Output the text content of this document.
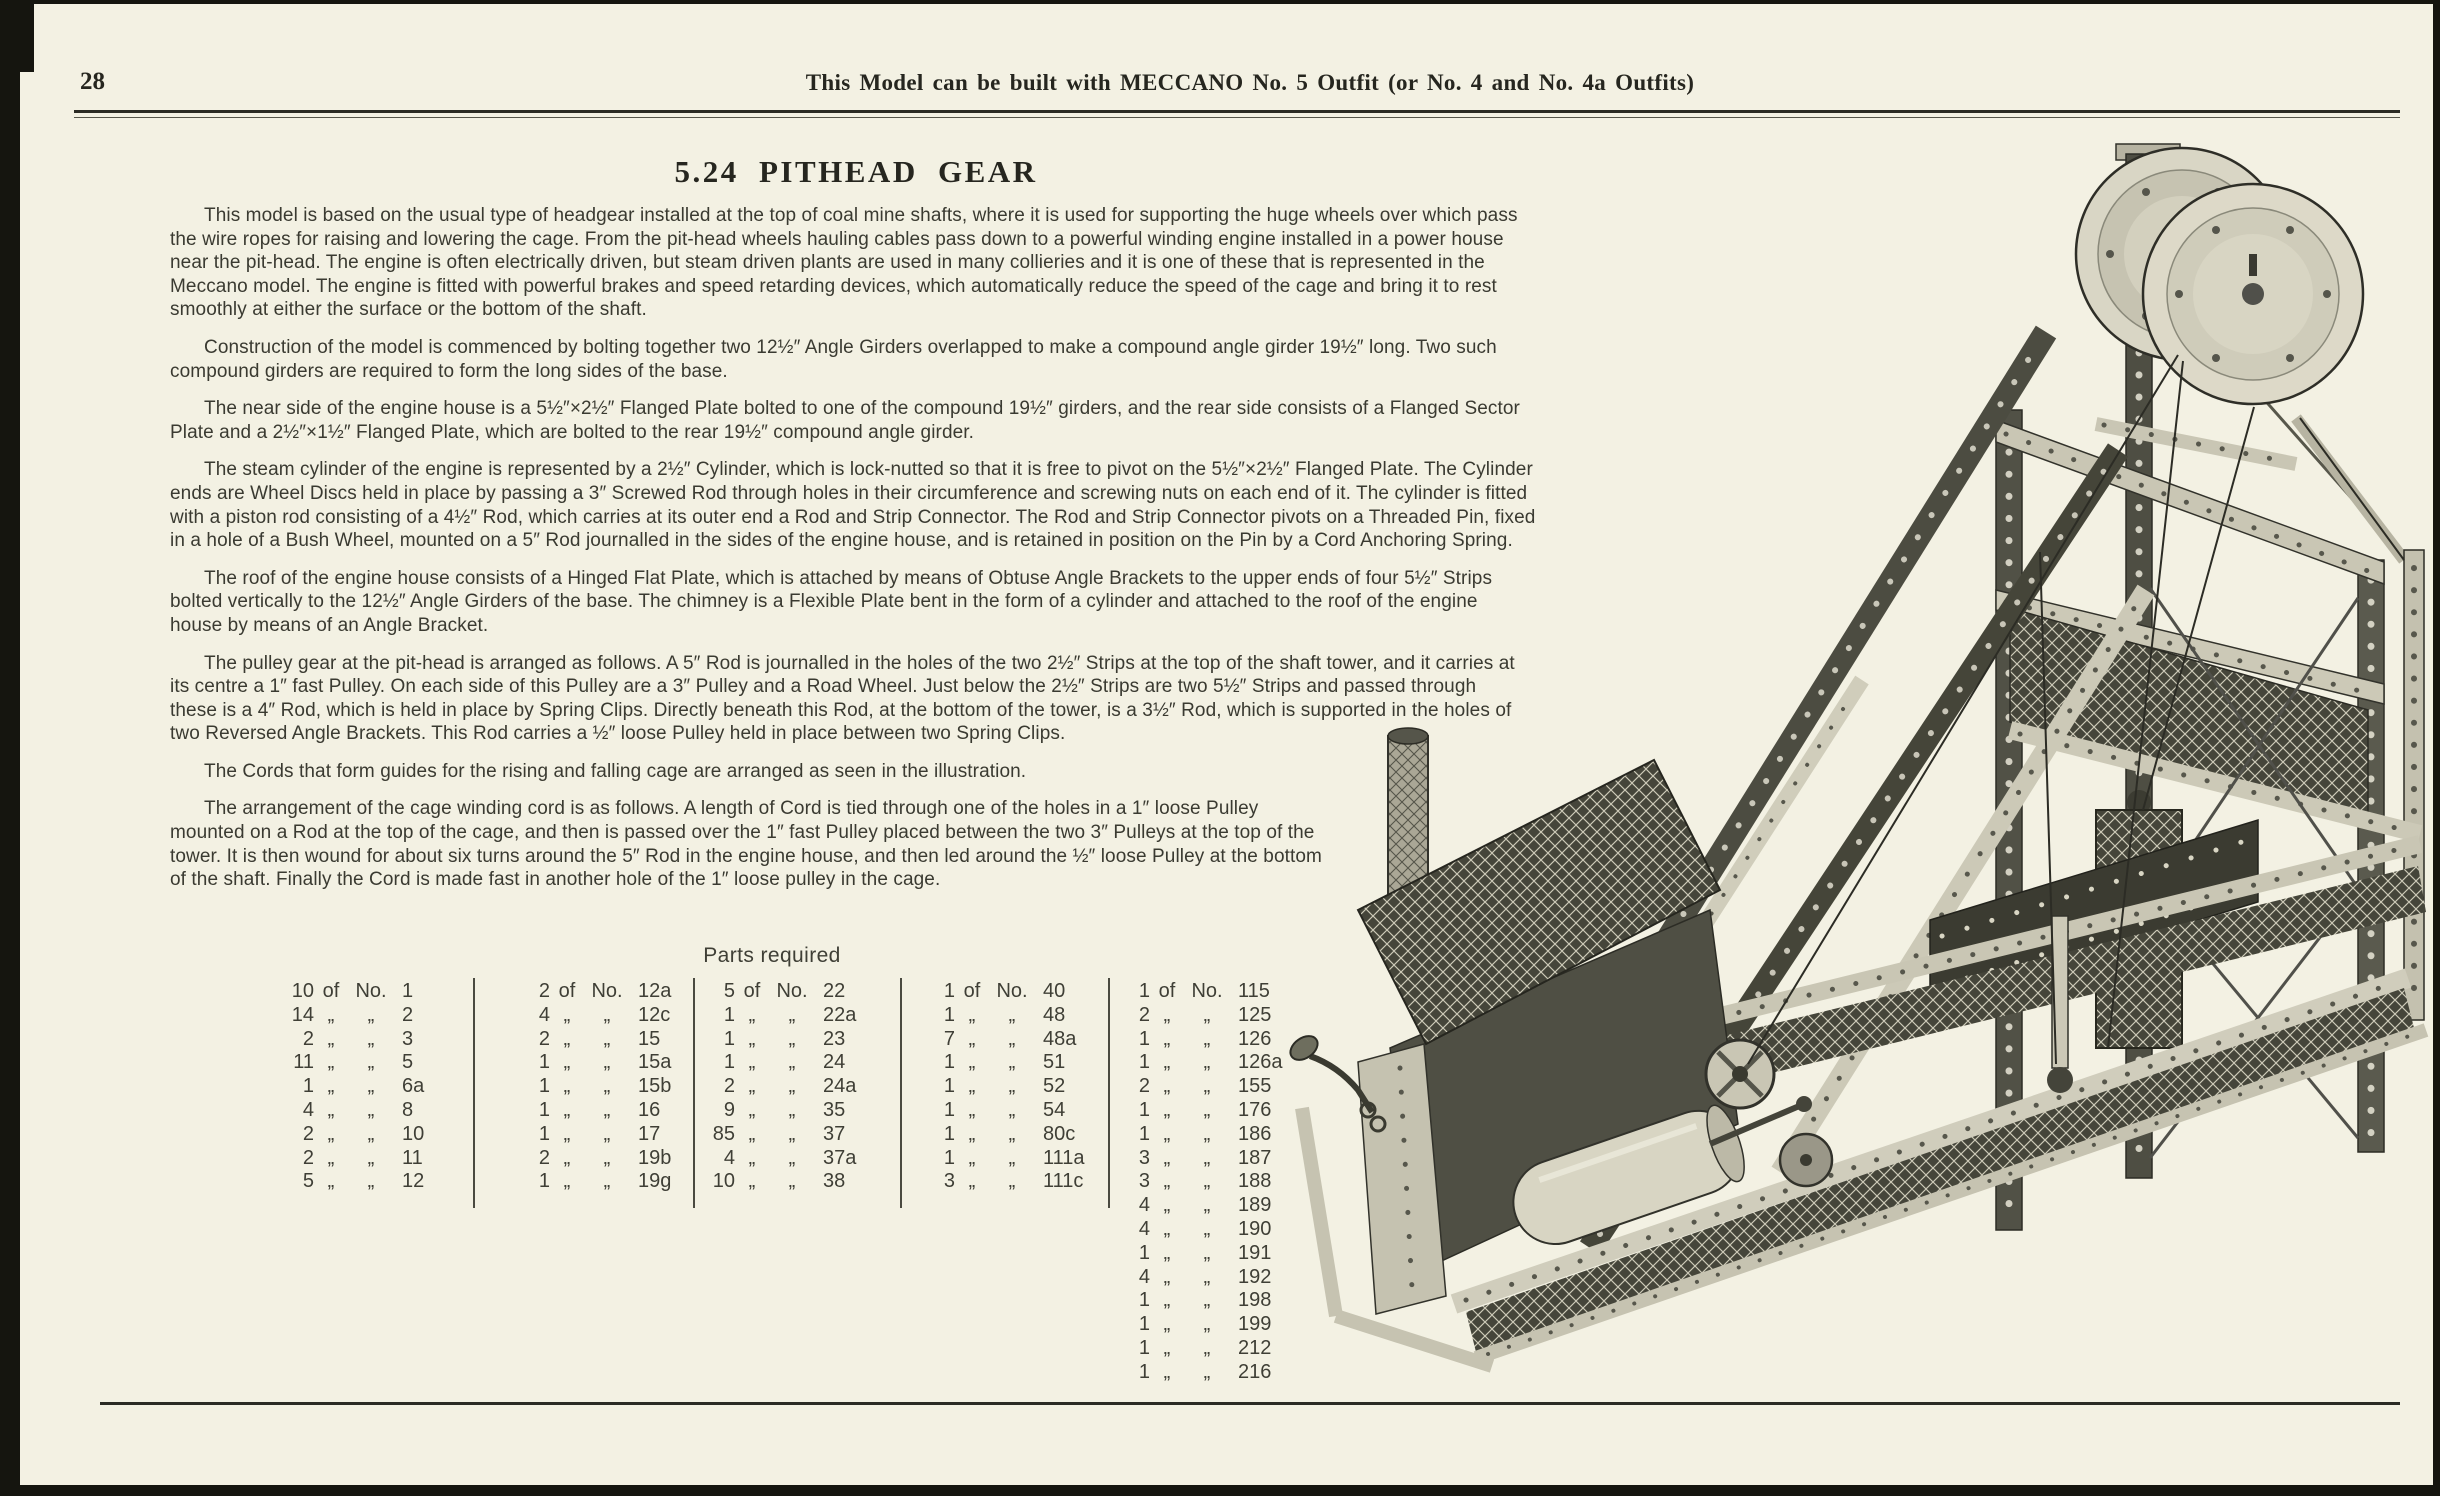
28	This Model can be built with MECCANO No. 5 Outfit (or No. 4 and No. 4a Outfits)
5.24 PITHEAD GEAR

This model is based on the usual type of headgear installed at the top of coal mine shafts, where it is used for supporting the huge wheels over which pass the wire ropes for raising and lowering the cage. From the pit-head wheels hauling cables pass down to a powerful winding engine installed in a power house near the pit-head. The engine is often electrically driven, but steam driven plants are used in many collieries and it is one of these that is represented in the Meccano model. The engine is fitted with powerful brakes and speed retarding devices, which automatically reduce the speed of the cage and bring it to rest smoothly at either the surface or the bottom of the shaft.

Construction of the model is commenced by bolting together two 12½″ Angle Girders overlapped to make a compound angle girder 19½″ long. Two such compound girders are required to form the long sides of the base.

The near side of the engine house is a 5½″×2½″ Flanged Plate bolted to one of the compound 19½″ girders, and the rear side consists of a Flanged Sector Plate and a 2½″×1½″ Flanged Plate, which are bolted to the rear 19½″ compound angle girder.

The steam cylinder of the engine is represented by a 2½″ Cylinder, which is lock-nutted so that it is free to pivot on the 5½″×2½″ Flanged Plate. The Cylinder ends are Wheel Discs held in place by passing a 3″ Screwed Rod through holes in their circumference and screwing nuts on each end of it. The cylinder is fitted with a piston rod consisting of a 4½″ Rod, which carries at its outer end a Rod and Strip Connector. The Rod and Strip Connector pivots on a Threaded Pin, fixed in a hole of a Bush Wheel, mounted on a 5″ Rod journalled in the sides of the engine house, and is retained in position on the Pin by a Cord Anchoring Spring.

The roof of the engine house consists of a Hinged Flat Plate, which is attached by means of Obtuse Angle Brackets to the upper ends of four 5½″ Strips bolted vertically to the 12½″ Angle Girders of the base. The chimney is a Flexible Plate bent in the form of a cylinder and attached to the roof of the engine house by means of an Angle Bracket.

The pulley gear at the pit-head is arranged as follows. A 5″ Rod is journalled in the holes of the two 2½″ Strips at the top of the shaft tower, and it carries at its centre a 1″ fast Pulley. On each side of this Pulley are a 3″ Pulley and a Road Wheel. Just below the 2½″ Strips are two 5½″ Strips and passed through these is a 4″ Rod, which is held in place by Spring Clips. Directly beneath this Rod, at the bottom of the tower, is a 3½″ Rod, which is supported in the holes of two Reversed Angle Brackets. This Rod carries a ½″ loose Pulley held in place between two Spring Clips.

The Cords that form guides for the rising and falling cage are arranged as seen in the illustration.

The arrangement of the cage winding cord is as follows. A length of Cord is tied through one of the holes in a 1″ loose Pulley mounted on a Rod at the top of the cage, and then is passed over the 1″ fast Pulley placed between the two 3″ Pulleys at the top of the tower. It is then wound for about six turns around the 5″ Rod in the engine house, and then led around the ½″ loose Pulley at the bottom of the shaft. Finally the Cord is made fast in another hole of the 1″ loose pulley in the cage.

Parts required
10 of No. 1
14 „ „ 2
2 „ „ 3
11 „ „ 5
1 „ „ 6a
4 „ „ 8
2 „ „ 10
2 „ „ 11
5 „ „ 12
2 of No. 12a
4 „ „ 12c
2 „ „ 15
1 „ „ 15a
1 „ „ 15b
1 „ „ 16
1 „ „ 17
2 „ „ 19b
1 „ „ 19g
5 of No. 22
1 „ „ 22a
1 „ „ 23
1 „ „ 24
2 „ „ 24a
9 „ „ 35
85 „ „ 37
4 „ „ 37a
10 „ „ 38
1 of No. 40
1 „ „ 48
7 „ „ 48a
1 „ „ 51
1 „ „ 52
1 „ „ 54
1 „ „ 80c
1 „ „ 111a
3 „ „ 111c
1 of No. 115
2 „ „ 125
1 „ „ 126
1 „ „ 126a
2 „ „ 155
1 „ „ 176
1 „ „ 186
3 „ „ 187
3 „ „ 188
4 „ „ 189
4 „ „ 190
1 „ „ 191
4 „ „ 192
1 „ „ 198
1 „ „ 199
1 „ „ 212
1 „ „ 216
